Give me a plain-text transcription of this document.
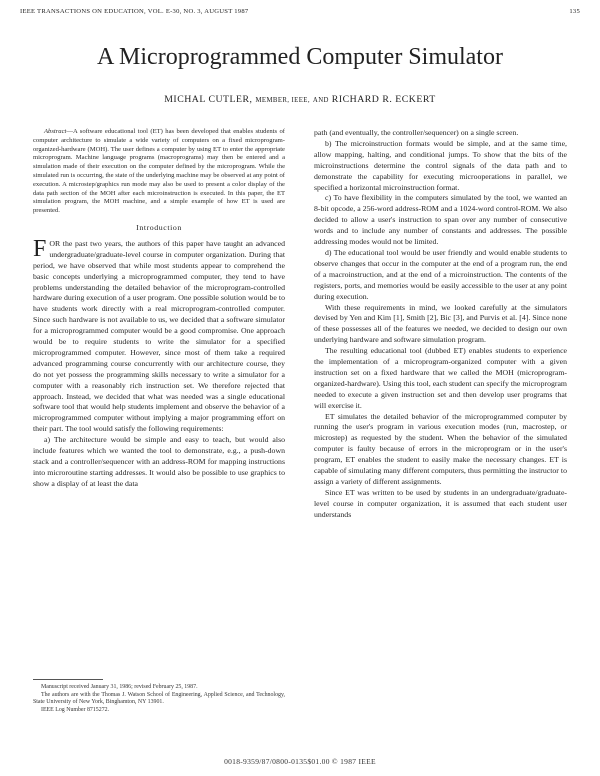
IEEE TRANSACTIONS ON EDUCATION, VOL. E-30, NO. 3, AUGUST 1987	135
A Microprogrammed Computer Simulator
MICHAL CUTLER, MEMBER, IEEE, AND RICHARD R. ECKERT

Abstract—A software educational tool (ET) has been developed that enables students of computer architecture to simulate a wide variety of computers on a fixed microprogram-organized-hardware (MOH). The user defines a computer by using ET to enter the appropriate microprogram. Machine language programs (macroprograms) may then be entered and a simulation made of their execution on the computer defined by the microprogram. While the simulated run is occurring, the state of the underlying machine may be observed at any point of execution. A microstep/graphics run mode may also be used to present a color display of the data path section of the MOH after each microinstruction is executed. In this paper, the ET simulation program, the MOH machine, and a simple example of how ET is used are presented.

Introduction

FOR the past two years, the authors of this paper have taught an advanced undergraduate/graduate-level course in computer organization. During that period, we have observed that while most students appear to comprehend the basic concepts underlying a microprogrammed computer, they tend to have problems understanding the detailed behavior of the microprogram-controlled hardware during execution of a user program. One possible solution would be to have students work directly with a real microprogram-controlled computer. Since such hardware is not available to us, we decided that a software simulator for a microprogrammed computer would be a good compromise. One approach would be to require students to write the simulator for a specified microprogrammed computer. However, since most of them take a required advanced programming course concurrently with our architecture course, they do not yet possess the programming skills necessary to write a simulator for a computer with a reasonably rich instruction set. We therefore rejected that approach. Instead, we decided that what was needed was a single educational software tool that would help students implement and observe the behavior of a microprogrammed computer without implying a major programming effort on their part. The tool would satisfy the following requirements:

a) The architecture would be simple and easy to teach, but would also include features which we wanted the tool to demonstrate, e.g., a push-down stack and a controller/sequencer with an address-ROM for mapping instructions into microroutine starting addresses. It would also be possible to use graphics to show a display of at least the data

path (and eventually, the controller/sequencer) on a single screen.

b) The microinstruction formats would be simple, and at the same time, allow mapping, halting, and conditional jumps. To show that the bits of the microinstructions determine the control signals of the data path and to demonstrate the capability for executing microoperations in parallel, we specified a horizontal microinstruction format.

c) To have flexibility in the computers simulated by the tool, we wanted an 8-bit opcode, a 256-word address-ROM and a 1024-word control-ROM. We also decided to allow a user's instruction to span over any number of consecutive words and to include any number of constants and addresses. The possible addressing modes would not be limited.

d) The educational tool would be user friendly and would enable students to observe changes that occur in the computer at the end of a program run, the end of a macroinstruction, and at the end of a microinstruction. The contents of the registers, ports, and memories would be easily accessible to the user at any point during execution.

With these requirements in mind, we looked carefully at the simulators devised by Yen and Kim [1], Smith [2], Bic [3], and Purvis et al. [4]. Since none of these possesses all of the features we needed, we decided to design our own underlying hardware and software simulation program.

The resulting educational tool (dubbed ET) enables students to experience the implementation of a microprogram-organized computer with a given instruction set on a fixed hardware that we called the MOH (microprogram-organized-hardware). Using this tool, each student can specify the microprogram needed to execute a given instruction set and then develop user programs that will exercise it.

ET simulates the detailed behavior of the microprogrammed computer by running the user's program in various execution modes (run, macrostep, or microstep) as requested by the student. When the behavior of the simulated computer is faulty because of errors in the microprogram or in the user's program, ET enables the student to easily make the necessary changes. ET is capable of simulating many different computers, thus permitting the instructor to assign a variety of different assignments.

Since ET was written to be used by students in an undergraduate/graduate-level course in computer organization, it is assumed that each student user understands

Manuscript received January 31, 1986; revised February 25, 1987.

The authors are with the Thomas J. Watson School of Engineering, Applied Science, and Technology, State University of New York, Binghamton, NY 13901.

IEEE Log Number 8715272.

0018-9359/87/0800-0135$01.00 © 1987 IEEE
